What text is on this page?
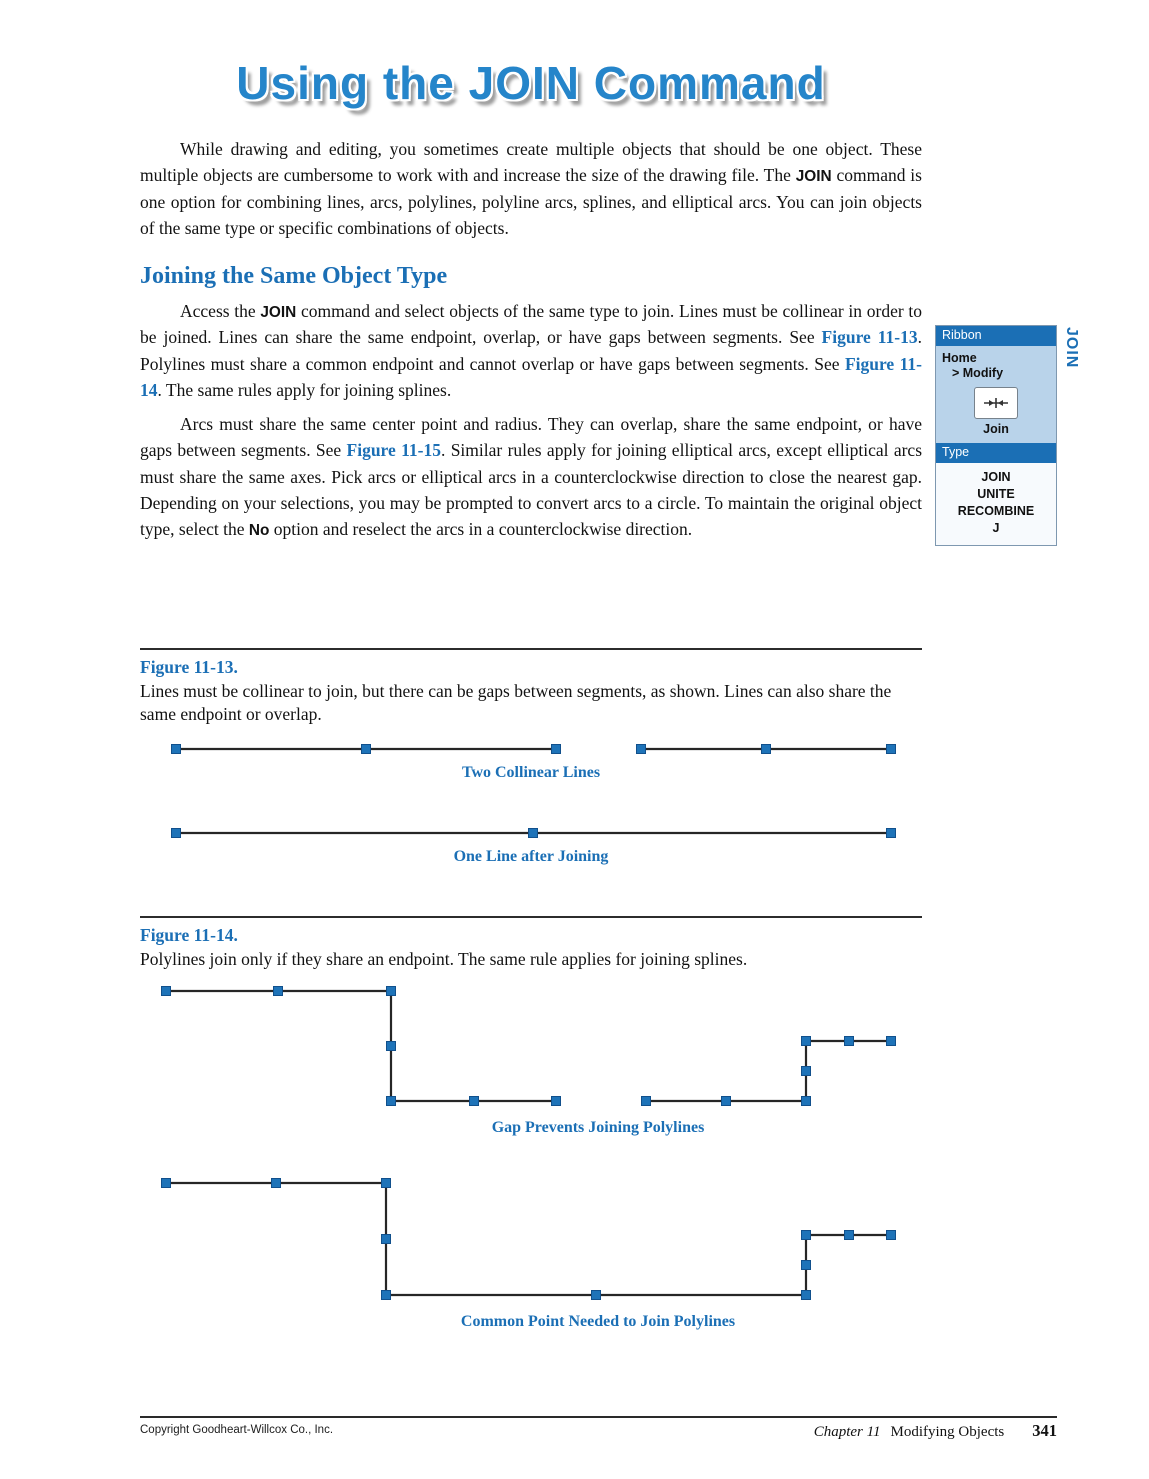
Using the JOIN Command

While drawing and editing, you sometimes create multiple objects that should be one object. These multiple objects are cumbersome to work with and increase the size of the drawing file. The JOIN command is one option for combining lines, arcs, polylines, polyline arcs, splines, and elliptical arcs. You can join objects of the same type or specific combinations of objects.

Joining the Same Object Type

Access the JOIN command and select objects of the same type to join. Lines must be collinear in order to be joined. Lines can share the same endpoint, overlap, or have gaps between segments. See Figure 11-13. Polylines must share a common endpoint and cannot overlap or have gaps between segments. See Figure 11-14. The same rules apply for joining splines.

Arcs must share the same center point and radius. They can overlap, share the same endpoint, or have gaps between segments. See Figure 11-15. Similar rules apply for joining elliptical arcs, except elliptical arcs must share the same axes. Pick arcs or elliptical arcs in a counterclockwise direction to close the nearest gap. Depending on your selections, you may be prompted to convert arcs to a circle. To maintain the original object type, select the No option and reselect the arcs in a counterclockwise direction.

Ribbon
Home
> Modify
Join
Type
JOIN
UNITE
RECOMBINE
J
JOIN
Figure 11-13.
Lines must be collinear to join, but there can be gaps between segments, as shown. Lines can also share the same endpoint or overlap.
Two Collinear Lines
One Line after Joining
Figure 11-14.
Polylines join only if they share an endpoint. The same rule applies for joining splines.
Gap Prevents Joining Polylines
Common Point Needed to Join Polylines
Copyright Goodheart-Willcox Co., Inc.	Chapter 11 Modifying Objects 341
